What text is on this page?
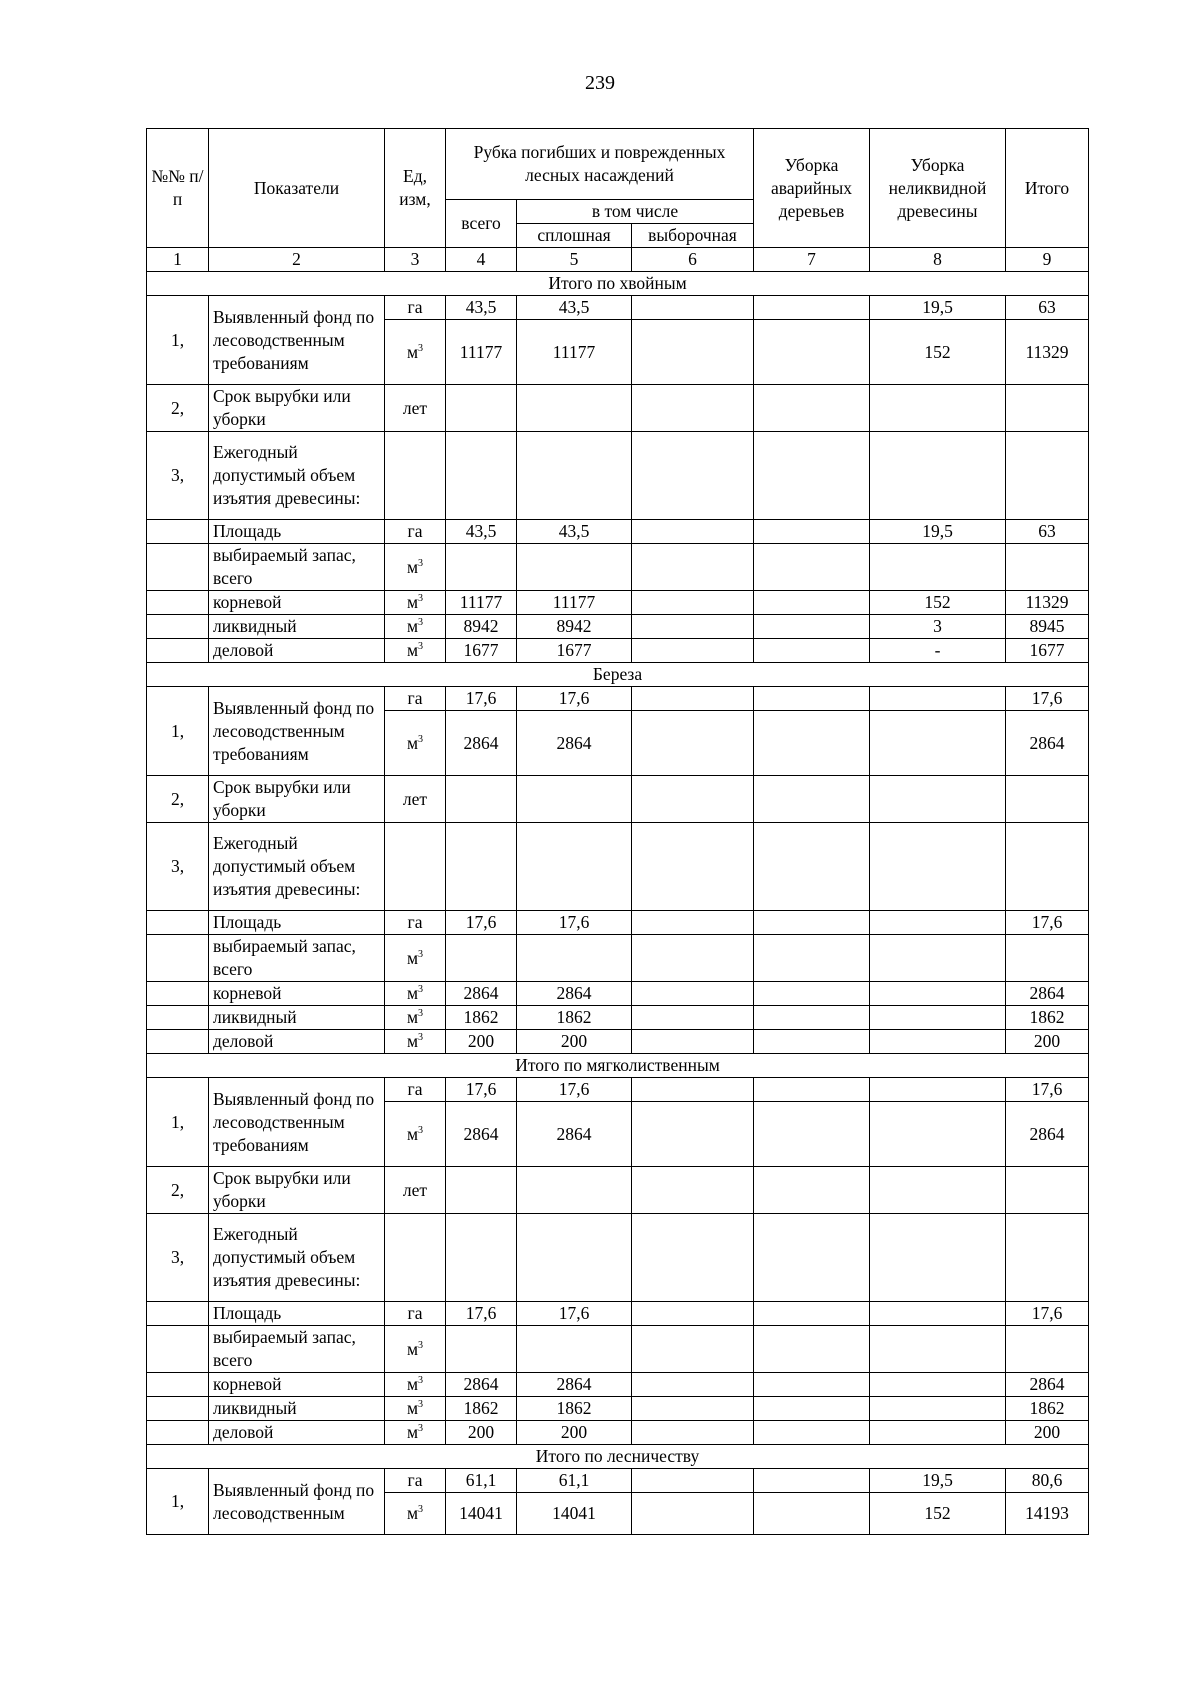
239
№№ п/п	Показатели	Ед, изм,	Рубка погибших и поврежденных лесных насаждений			Уборка аварийных деревьев	Уборка неликвидной древесины	Итого
			всего	в том числе				
				сплошная	выборочная			
1	2	3	4	5	6	7	8	9
Итого по хвойным								
1,	Выявленный фонд по лесоводственным требованиям	га	43,5	43,5			19,5	63
		$м^3$	11177	11177			152	11329
2,	Срок вырубки или уборки	лет						
3,	Ежегодный допустимый объем изъятия древесины:							
	Площадь	га	43,5	43,5			19,5	63
	выбираемый запас, всего	$м^3$						
	корневой	$м^3$	11177	11177			152	11329
	ликвидный	$м^3$	8942	8942			3	8945
	деловой	$м^3$	1677	1677			-	1677
Береза								
1,	Выявленный фонд по лесоводственным требованиям	га	17,6	17,6				17,6
		$м^3$	2864	2864				2864
2,	Срок вырубки или уборки	лет						
3,	Ежегодный допустимый объем изъятия древесины:							
	Площадь	га	17,6	17,6				17,6
	выбираемый запас, всего	$м^3$						
	корневой	$м^3$	2864	2864				2864
	ликвидный	$м^3$	1862	1862				1862
	деловой	$м^3$	200	200				200
Итого по мягколиственным								
1,	Выявленный фонд по лесоводственным требованиям	га	17,6	17,6				17,6
		$м^3$	2864	2864				2864
2,	Срок вырубки или уборки	лет						
3,	Ежегодный допустимый объем изъятия древесины:							
	Площадь	га	17,6	17,6				17,6
	выбираемый запас, всего	$м^3$						
	корневой	$м^3$	2864	2864				2864
	ликвидный	$м^3$	1862	1862				1862
	деловой	$м^3$	200	200				200
Итого по лесничеству								
1,	Выявленный фонд по лесоводственным	га	61,1	61,1			19,5	80,6
		$м^3$	14041	14041			152	14193
